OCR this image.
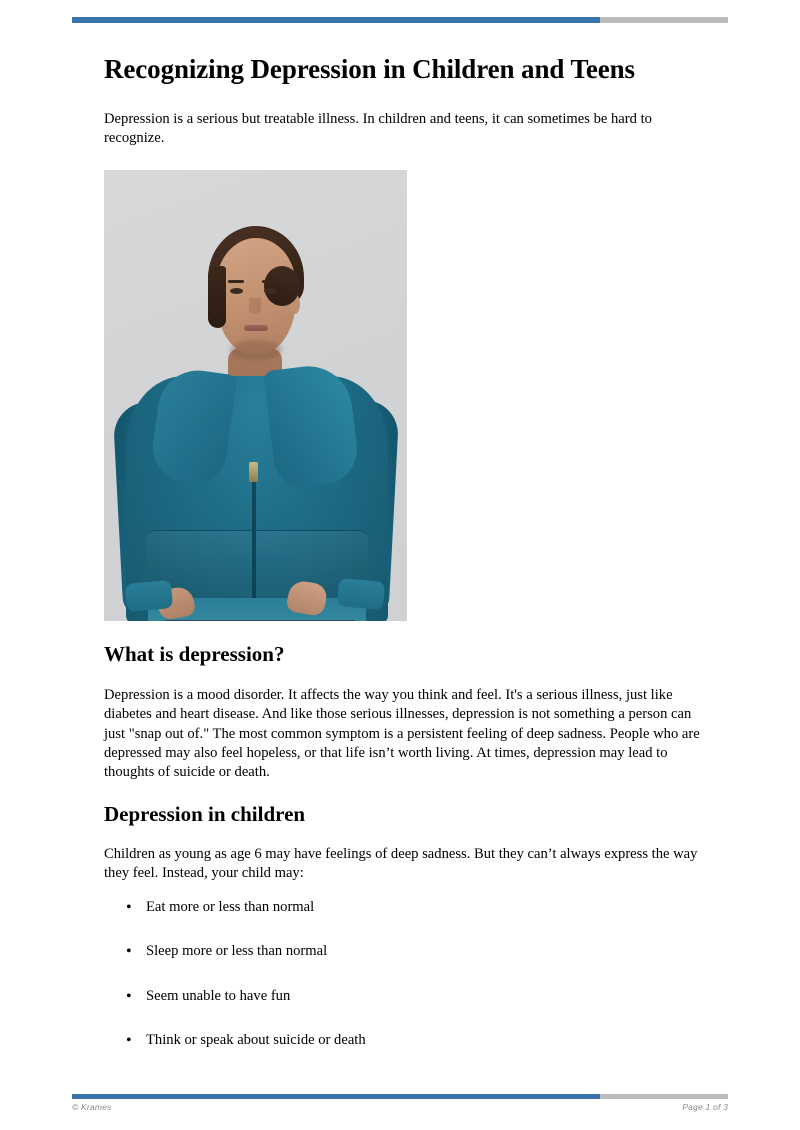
Recognizing Depression in Children and Teens

Depression is a serious but treatable illness. In children and teens, it can sometimes be hard to recognize.

What is depression?

Depression is a mood disorder. It affects the way you think and feel. It's a serious illness, just like diabetes and heart disease. And like those serious illnesses, depression is not something a person can just "snap out of." The most common symptom is a persistent feeling of deep sadness. People who are depressed may also feel hopeless, or that life isn’t worth living. At times, depression may lead to thoughts of suicide or death.

Depression in children

Children as young as age 6 may have feelings of deep sadness. But they can’t always express the way they feel. Instead, your child may:

• Eat more or less than normal
• Sleep more or less than normal
• Seem unable to have fun
• Think or speak about suicide or death
© Krames	Page 1 of 3
